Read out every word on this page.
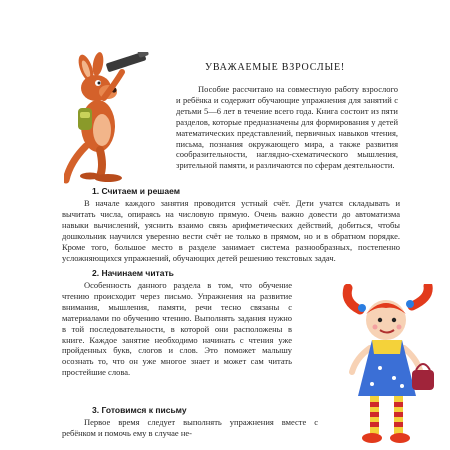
УВАЖАЕМЫЕ ВЗРОСЛЫЕ!
Пособие рассчитано на совместную работу взрослого и ребёнка и содержит обучающие упражнения для занятий с детьми 5—6 лет в течение всего года. Книга состоит из пяти разделов, которые предназначены для формирования у детей математических представлений, первичных навыков чтения, письма, познания окружающего мира, а также развития сообразительности, наглядно-схематического мышления, зрительной памяти, и различаются по сферам деятельности.
1. Считаем и решаем
В начале каждого занятия проводится устный счёт. Дети учатся складывать и вычитать числа, опираясь на числовую прямую. Очень важно довести до автоматизма навыки вычислений, уяснить взаимо связь арифметических действий, добиться, чтобы дошкольник научился уверенно вести счёт не только в прямом, но и в обратном порядке. Кроме того, большое место в разделе занимает система разнообразных, постепенно усложняющихся упражнений, обучающих детей решению текстовых задач.
2. Начинаем читать
Особенность данного раздела в том, что обучение чтению происходит через письмо. Упражнения на развитие внимания, мышления, памяти, речи тесно связаны с материалами по обучению чтению. Выполнять задания нужно в той последовательности, в которой они расположены в книге. Каждое занятие необходимо начинать с чтения уже пройденных букв, слогов и слов. Это поможет малышу осознать то, что он уже многое знает и может сам читать простейшие слова.
3. Готовимся к письму
Первое время следует выполнять упражнения вместе с ребёнком и помочь ему в случае не-
